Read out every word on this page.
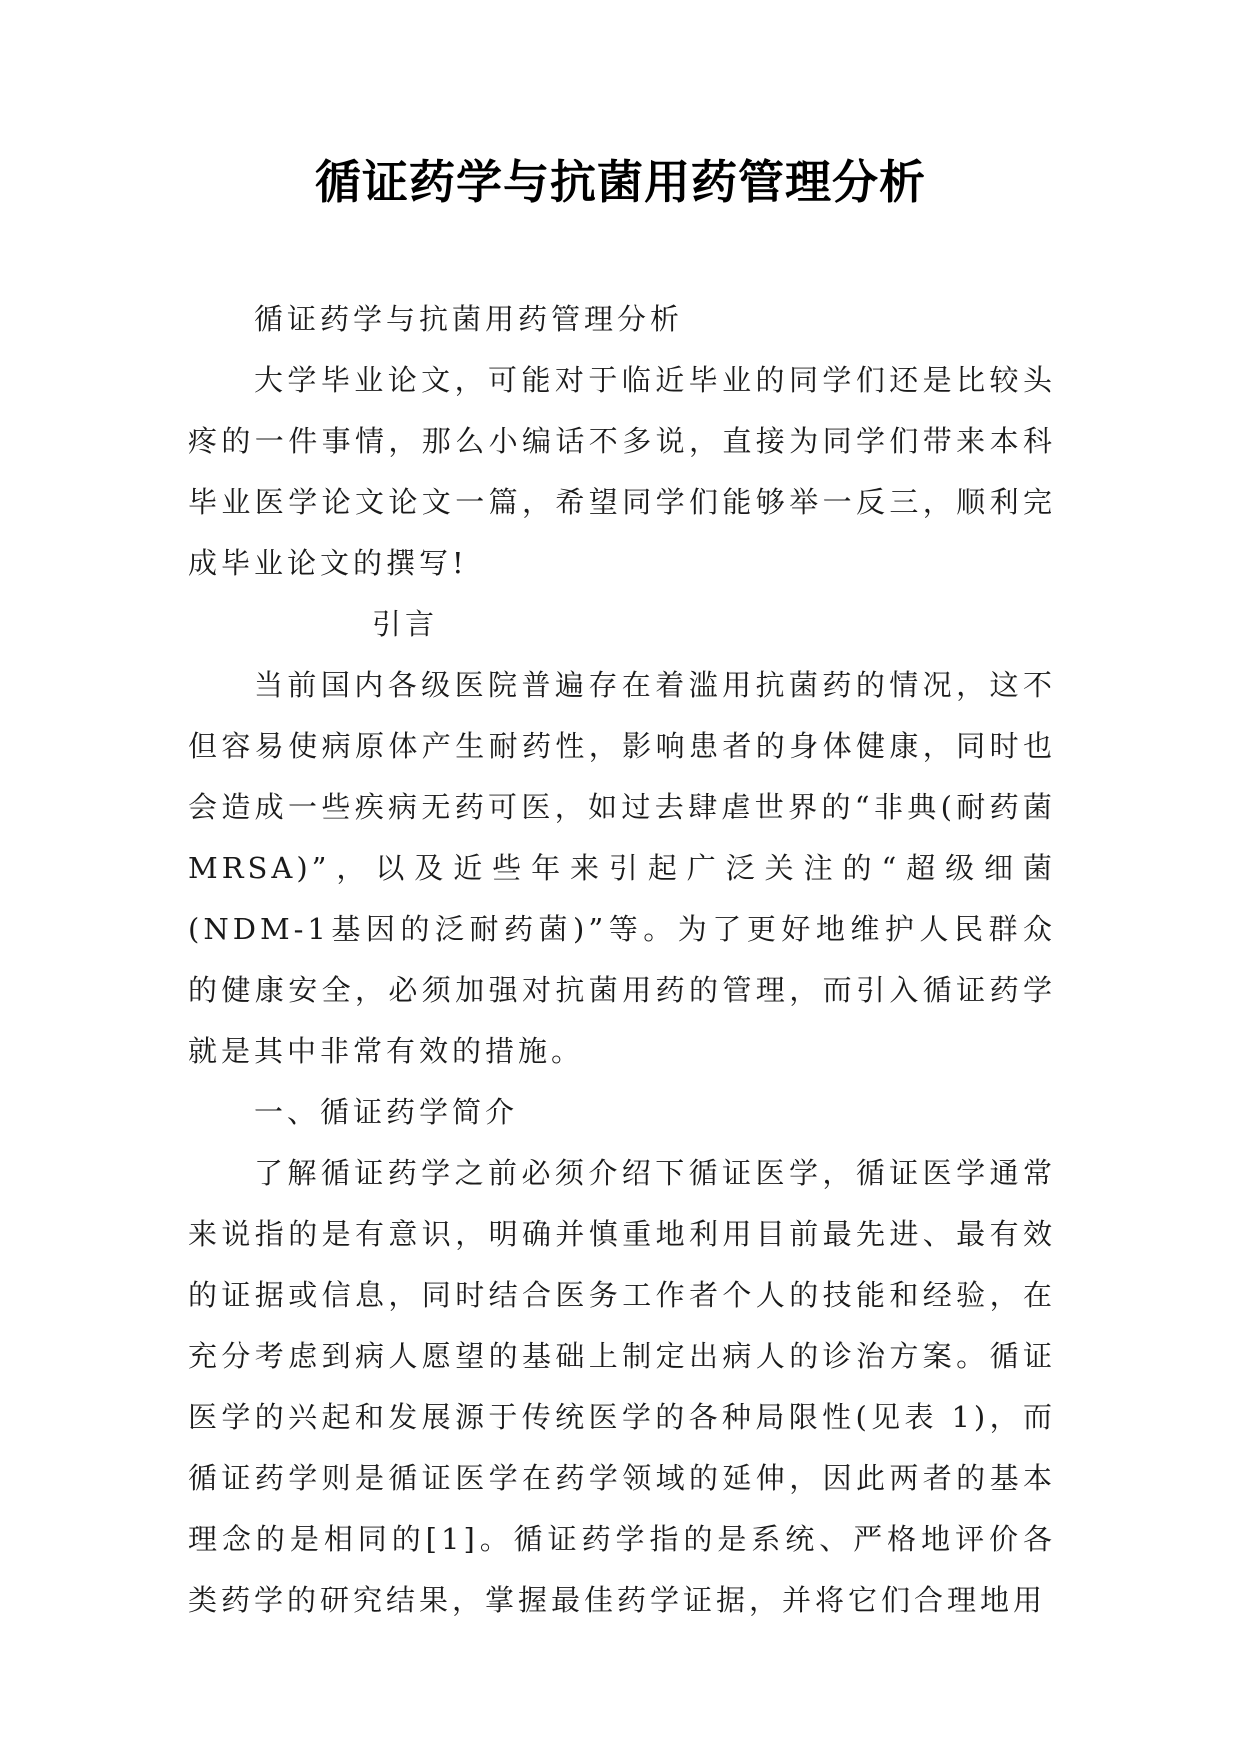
循证药学与抗菌用药管理分析

循证药学与抗菌用药管理分析

大学毕业论文，可能对于临近毕业的同学们还是比较头疼的一件事情，那么小编话不多说，直接为同学们带来本科毕业医学论文论文一篇，希望同学们能够举一反三，顺利完成毕业论文的撰写!

引言

当前国内各级医院普遍存在着滥用抗菌药的情况，这不但容易使病原体产生耐药性，影响患者的身体健康，同时也会造成一些疾病无药可医，如过去肆虐世界的“非典(耐药菌 MRSA)”，以及近些年来引起广泛关注的“超级细菌(NDM-1基因的泛耐药菌)”等。为了更好地维护人民群众的健康安全，必须加强对抗菌用药的管理，而引入循证药学就是其中非常有效的措施。

一、循证药学简介

了解循证药学之前必须介绍下循证医学，循证医学通常来说指的是有意识，明确并慎重地利用目前最先进、最有效的证据或信息，同时结合医务工作者个人的技能和经验，在充分考虑到病人愿望的基础上制定出病人的诊治方案。循证医学的兴起和发展源于传统医学的各种局限性(见表 1)，而循证药学则是循证医学在药学领域的延伸，因此两者的基本理念的是相同的[1]。循证药学指的是系统、严格地评价各类药学的研究结果，掌握最佳药学证据，并将它们合理地用
